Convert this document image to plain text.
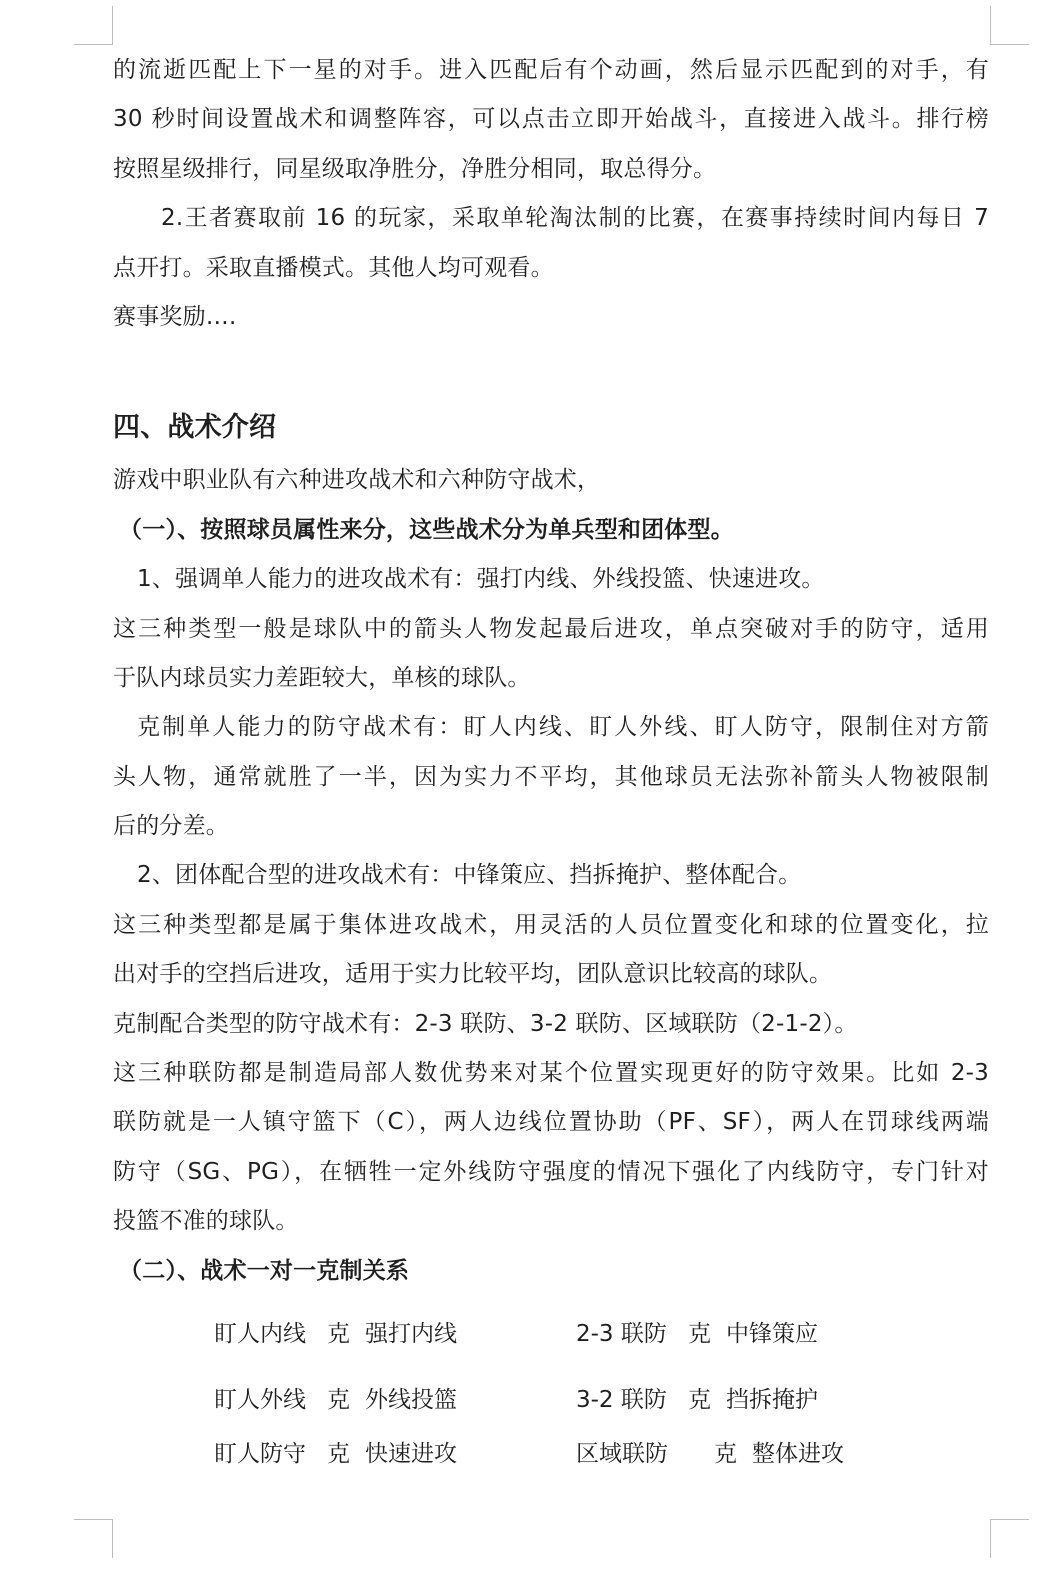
的流逝匹配上下一星的对手。进入匹配后有个动画，然后显示匹配到的对手，有
30 秒时间设置战术和调整阵容，可以点击立即开始战斗，直接进入战斗。排行榜
按照星级排行，同星级取净胜分，净胜分相同，取总得分。
2.王者赛取前 16 的玩家，采取单轮淘汰制的比赛，在赛事持续时间内每日 7
点开打。采取直播模式。其他人均可观看。
赛事奖励….
四、战术介绍
游戏中职业队有六种进攻战术和六种防守战术，
（一）、按照球员属性来分，这些战术分为单兵型和团体型。
1、强调单人能力的进攻战术有：强打内线、外线投篮、快速进攻。
这三种类型一般是球队中的箭头人物发起最后进攻，单点突破对手的防守，适用
于队内球员实力差距较大，单核的球队。
克制单人能力的防守战术有：盯人内线、盯人外线、盯人防守，限制住对方箭
头人物，通常就胜了一半，因为实力不平均，其他球员无法弥补箭头人物被限制
后的分差。
2、团体配合型的进攻战术有：中锋策应、挡拆掩护、整体配合。
这三种类型都是属于集体进攻战术，用灵活的人员位置变化和球的位置变化，拉
出对手的空挡后进攻，适用于实力比较平均，团队意识比较高的球队。
克制配合类型的防守战术有：2-3 联防、3-2 联防、区域联防（2-1-2）。
这三种联防都是制造局部人数优势来对某个位置实现更好的防守效果。比如 2-3
联防就是一人镇守篮下（C），两人边线位置协助（PF、SF），两人在罚球线两端
防守（SG、PG），在牺牲一定外线防守强度的情况下强化了内线防守，专门针对
投篮不准的球队。
（二）、战术一对一克制关系
盯人内线 克 强打内线	2-3 联防 克 中锋策应
盯人外线 克 外线投篮	3-2 联防 克 挡拆掩护
盯人防守 克 快速进攻	区域联防 克 整体进攻
